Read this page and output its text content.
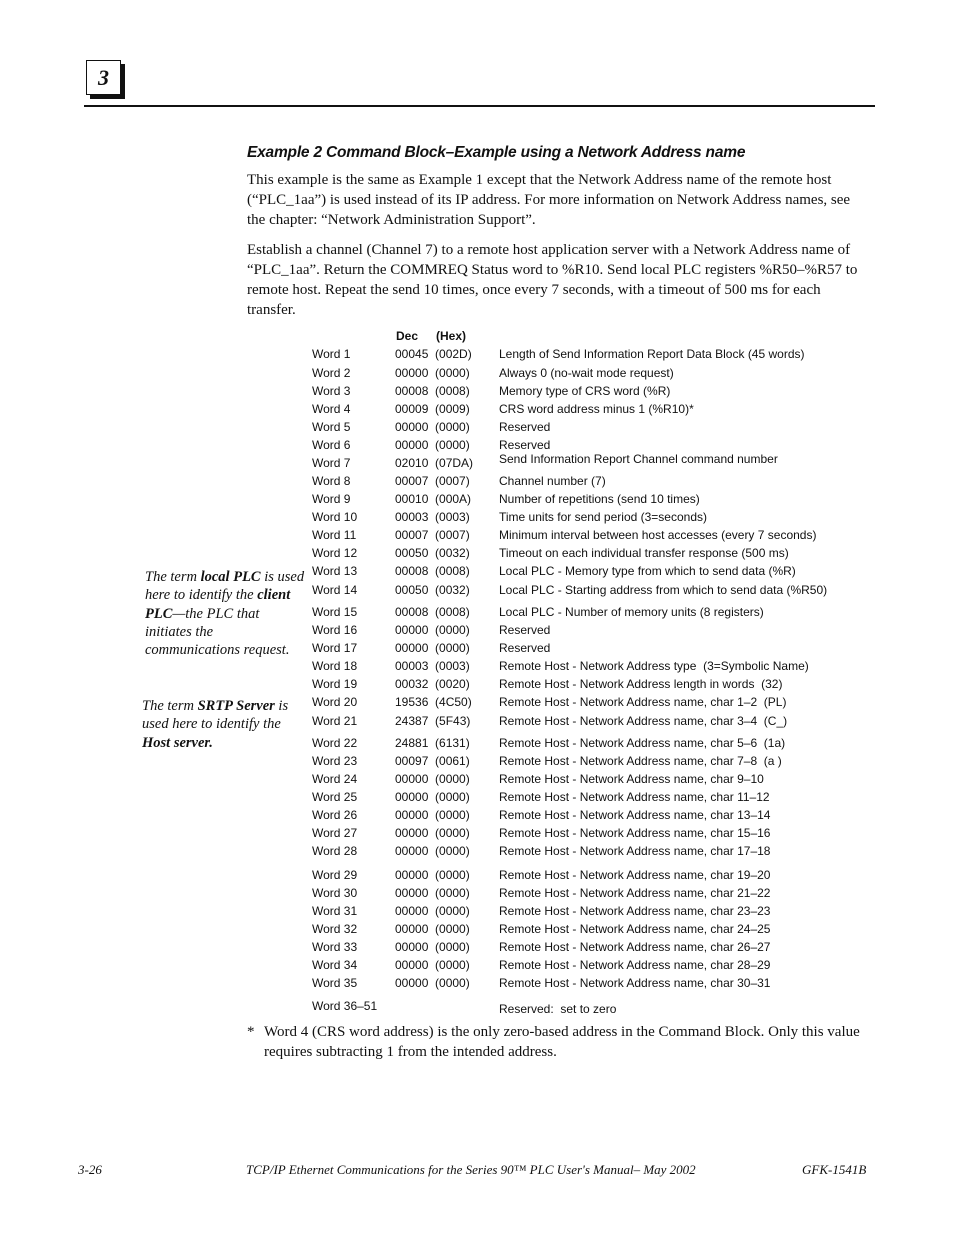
3
Example 2 Command Block–Example using a Network Address name
This example is the same as Example 1 except that the Network Address name of the remote host (“PLC_1aa”) is used instead of its IP address. For more information on Network Address names, see the chapter: “Network Administration Support”.
Establish a channel (Channel 7) to a remote host application server with a Network Address name of “PLC_1aa”. Return the COMMREQ Status word to %R10. Send local PLC registers %R50–%R57 to remote host. Repeat the send 10 times, once every 7 seconds, with a timeout of 500 ms for each transfer.
The term local PLC is used here to identify the client PLC—the PLC that initiates the communications request.
The term SRTP Server is used here to identify the Host server.
Dec (Hex)
Word 1	00045  (002D) Length of Send Information Report Data Block (45 words)
Word 2	00000  (0000) Always 0 (no-wait mode request)
Word 3	00008  (0008) Memory type of CRS word (%R)
Word 4	00009  (0009) CRS word address minus 1 (%R10)*
Word 5	00000  (0000) Reserved
Word 6	00000  (0000) Reserved
Word 7	02010  (07DA) Send Information Report Channel command number
Word 8	00007  (0007) Channel number (7)
Word 9	00010  (000A) Number of repetitions (send 10 times)
Word 10	00003  (0003) Time units for send period (3=seconds)
Word 11	00007  (0007) Minimum interval between host accesses (every 7 seconds)
Word 12	00050  (0032) Timeout on each individual transfer response (500 ms)
Word 13	00008  (0008) Local PLC - Memory type from which to send data (%R)
Word 14	00050  (0032) Local PLC - Starting address from which to send data (%R50)
Word 15	00008  (0008) Local PLC - Number of memory units (8 registers)
Word 16	00000  (0000) Reserved
Word 17	00000  (0000) Reserved
Word 18	00003  (0003) Remote Host - Network Address type  (3=Symbolic Name)
Word 19	00032  (0020) Remote Host - Network Address length in words  (32)
Word 20	19536  (4C50) Remote Host - Network Address name, char 1–2  (PL)
Word 21	24387  (5F43) Remote Host - Network Address name, char 3–4  (C_)
Word 22	24881  (6131) Remote Host - Network Address name, char 5–6  (1a)
Word 23	00097  (0061) Remote Host - Network Address name, char 7–8  (a )
Word 24	00000  (0000) Remote Host - Network Address name, char 9–10
Word 25	00000  (0000) Remote Host - Network Address name, char 11–12
Word 26	00000  (0000) Remote Host - Network Address name, char 13–14
Word 27	00000  (0000) Remote Host - Network Address name, char 15–16
Word 28	00000  (0000) Remote Host - Network Address name, char 17–18
Word 29	00000  (0000) Remote Host - Network Address name, char 19–20
Word 30	00000  (0000) Remote Host - Network Address name, char 21–22
Word 31	00000  (0000) Remote Host - Network Address name, char 23–23
Word 32	00000  (0000) Remote Host - Network Address name, char 24–25
Word 33	00000  (0000) Remote Host - Network Address name, char 26–27
Word 34	00000  (0000) Remote Host - Network Address name, char 28–29
Word 35	00000  (0000) Remote Host - Network Address name, char 30–31
Word 36–51	Reserved:  set to zero
* Word 4 (CRS word address) is the only zero-based address in the Command Block. Only this value requires subtracting 1 from the intended address.
3-26	TCP/IP Ethernet Communications for the Series 90™ PLC User's Manual– May 2002	GFK-1541B
